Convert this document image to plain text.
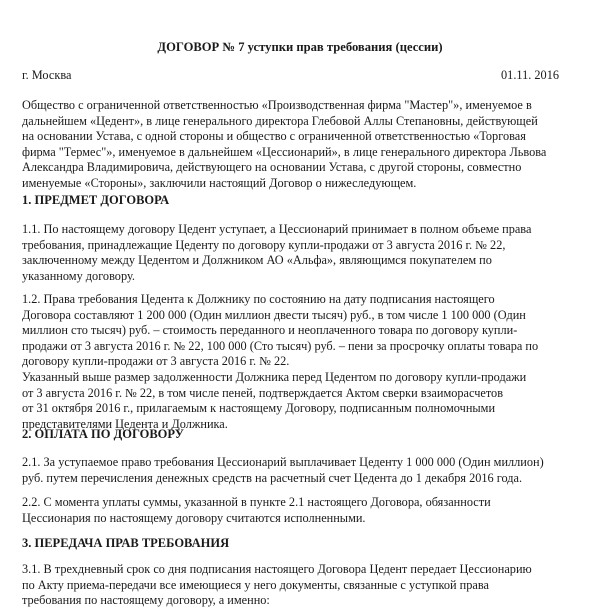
ДОГОВОР № 7 уступки прав требования (цессии)
г. Москва	01.11. 2016
Общество с ограниченной ответственностью «Производственная фирма "Мастер"», именуемое в
дальнейшем «Цедент», в лице генерального директора Глебовой Аллы Степановны, действующей
на основании Устава, с одной стороны и общество с ограниченной ответственностью «Торговая
фирма "Термес"», именуемое в дальнейшем «Цессионарий», в лице генерального директора Львова
Александра Владимировича, действующего на основании Устава, с другой стороны, совместно
именуемые «Стороны», заключили настоящий Договор о нижеследующем.
1. ПРЕДМЕТ ДОГОВОРА
1.1. По настоящему договору Цедент уступает, а Цессионарий принимает в полном объеме права
требования, принадлежащие Цеденту по договору купли-продажи от 3 августа 2016 г. № 22,
заключенному между Цедентом и Должником АО «Альфа», являющимся покупателем по
указанному договору.
1.2. Права требования Цедента к Должнику по состоянию на дату подписания настоящего
Договора составляют 1 200 000 (Один миллион двести тысяч) руб., в том числе 1 100 000 (Один
миллион сто тысяч) руб. – стоимость переданного и неоплаченного товара по договору купли-
продажи от 3 августа 2016 г. № 22, 100 000 (Сто тысяч) руб. – пени за просрочку оплаты товара по
договору купли-продажи от 3 августа 2016 г. № 22.
Указанный выше размер задолженности Должника перед Цедентом по договору купли-продажи
от 3 августа 2016 г. № 22, в том числе пеней, подтверждается Актом сверки взаиморасчетов
от 31 октября 2016 г., прилагаемым к настоящему Договору, подписанным полномочными
представителями Цедента и Должника.
2. ОПЛАТА ПО ДОГОВОРУ
2.1. За уступаемое право требования Цессионарий выплачивает Цеденту 1 000 000 (Один миллион)
руб. путем перечисления денежных средств на расчетный счет Цедента до 1 декабря 2016 года.
2.2. С момента уплаты суммы, указанной в пункте 2.1 настоящего Договора, обязанности
Цессионария по настоящему договору считаются исполненными.
3. ПЕРЕДАЧА ПРАВ ТРЕБОВАНИЯ
3.1. В трехдневный срок со дня подписания настоящего Договора Цедент передает Цессионарию
по Акту приема-передачи все имеющиеся у него документы, связанные с уступкой права
требования по настоящему договору, а именно:
